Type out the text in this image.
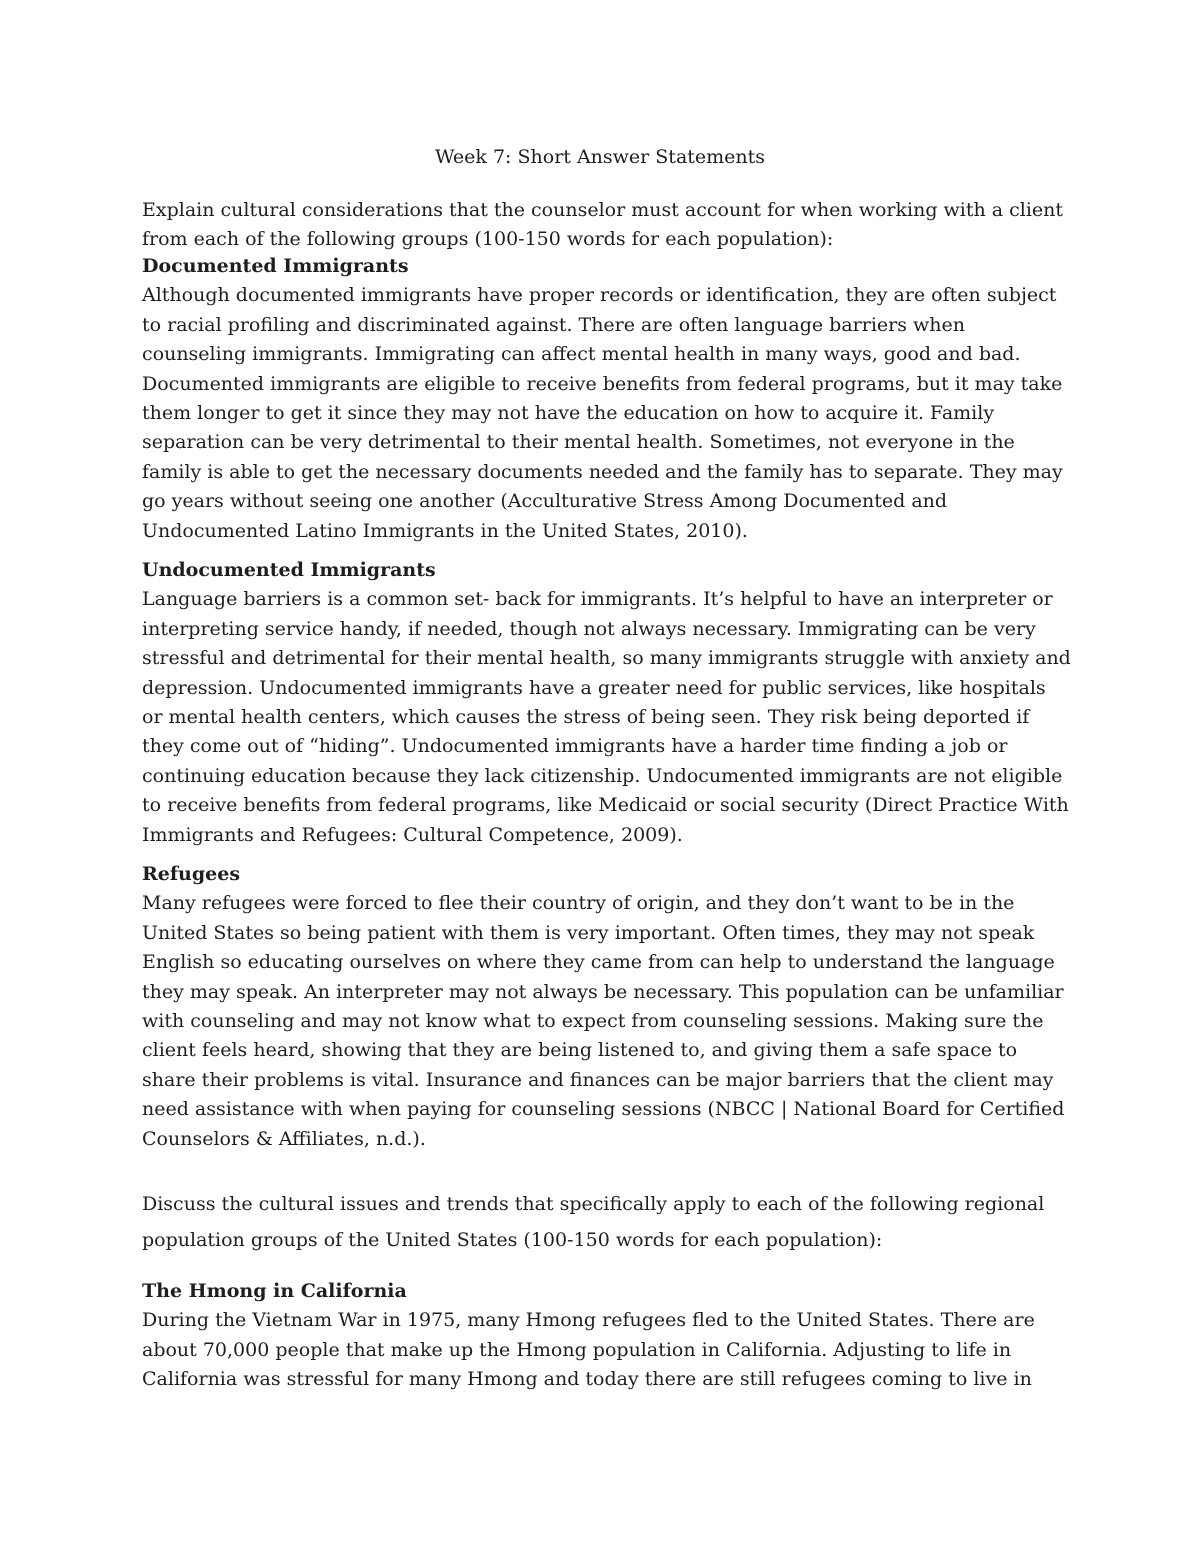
Week 7: Short Answer Statements

Explain cultural considerations that the counselor must account for when working with a client from each of the following groups (100-150 words for each population):

Documented Immigrants
Although documented immigrants have proper records or identification, they are often subject to racial profiling and discriminated against. There are often language barriers when counseling immigrants. Immigrating can affect mental health in many ways, good and bad. Documented immigrants are eligible to receive benefits from federal programs, but it may take them longer to get it since they may not have the education on how to acquire it. Family separation can be very detrimental to their mental health. Sometimes, not everyone in the family is able to get the necessary documents needed and the family has to separate. They may go years without seeing one another (Acculturative Stress Among Documented and Undocumented Latino Immigrants in the United States, 2010).
Undocumented Immigrants
Language barriers is a common set- back for immigrants. It’s helpful to have an interpreter or interpreting service handy, if needed, though not always necessary. Immigrating can be very stressful and detrimental for their mental health, so many immigrants struggle with anxiety and depression. Undocumented immigrants have a greater need for public services, like hospitals or mental health centers, which causes the stress of being seen. They risk being deported if they come out of “hiding”. Undocumented immigrants have a harder time finding a job or continuing education because they lack citizenship. Undocumented immigrants are not eligible to receive benefits from federal programs, like Medicaid or social security (Direct Practice With Immigrants and Refugees: Cultural Competence, 2009).
Refugees
Many refugees were forced to flee their country of origin, and they don’t want to be in the United States so being patient with them is very important. Often times, they may not speak English so educating ourselves on where they came from can help to understand the language they may speak. An interpreter may not always be necessary. This population can be unfamiliar with counseling and may not know what to expect from counseling sessions. Making sure the client feels heard, showing that they are being listened to, and giving them a safe space to share their problems is vital. Insurance and finances can be major barriers that the client may need assistance with when paying for counseling sessions (NBCC | National Board for Certified Counselors & Affiliates, n.d.).

Discuss the cultural issues and trends that specifically apply to each of the following regional population groups of the United States (100-150 words for each population):

The Hmong in California
During the Vietnam War in 1975, many Hmong refugees fled to the United States. There are about 70,000 people that make up the Hmong population in California. Adjusting to life in California was stressful for many Hmong and today there are still refugees coming to live in
